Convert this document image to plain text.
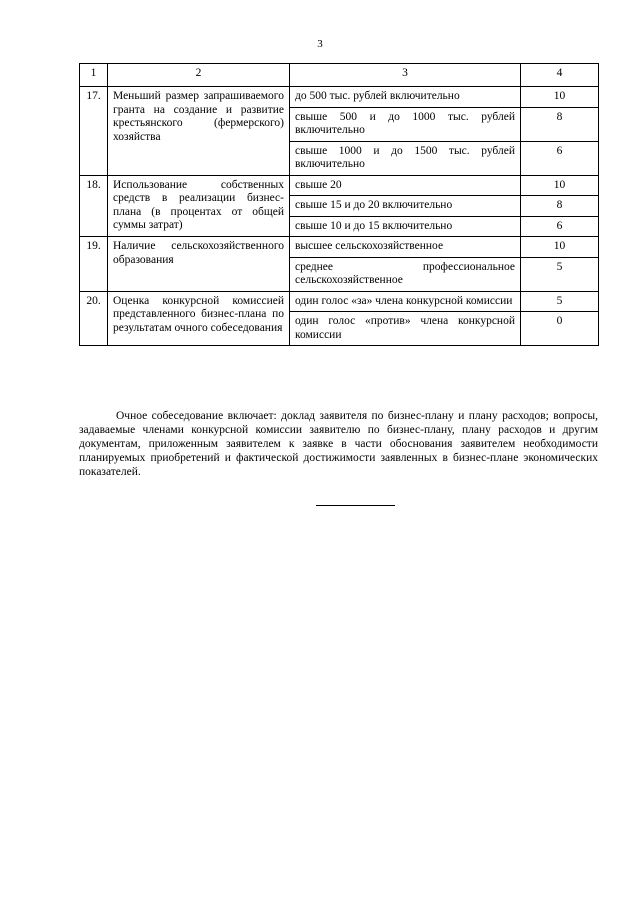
3
1	2	3	4
17.	Меньший размер запрашиваемого гранта на создание и развитие крестьянского (фермерского) хозяйства	до 500 тыс. рублей включительно	10
		свыше 500 и до 1000 тыс. рублей включительно	8
		свыше 1000 и до 1500 тыс. рублей включительно	6
18.	Использование собственных средств в реализации бизнес-плана (в процентах от общей суммы затрат)	свыше 20	10
		свыше 15 и до 20 включительно	8
		свыше 10 и до 15 включительно	6
19.	Наличие сельскохозяйственного образования	высшее сельскохозяйственное	10
		среднее профессиональное сельскохозяйственное	5
20.	Оценка конкурсной комиссией представленного бизнес-плана по результатам очного собеседования	один голос «за» члена конкурсной комиссии	5
		один голос «против» члена конкурсной комиссии	0

Очное собеседование включает: доклад заявителя по бизнес-плану и плану расходов; вопросы, задаваемые членами конкурсной комиссии заявителю по бизнес-плану, плану расходов и другим документам, приложенным заявителем к заявке в части обоснования заявителем необходимости планируемых приобретений и фактической достижимости заявленных в бизнес-плане экономических показателей.
